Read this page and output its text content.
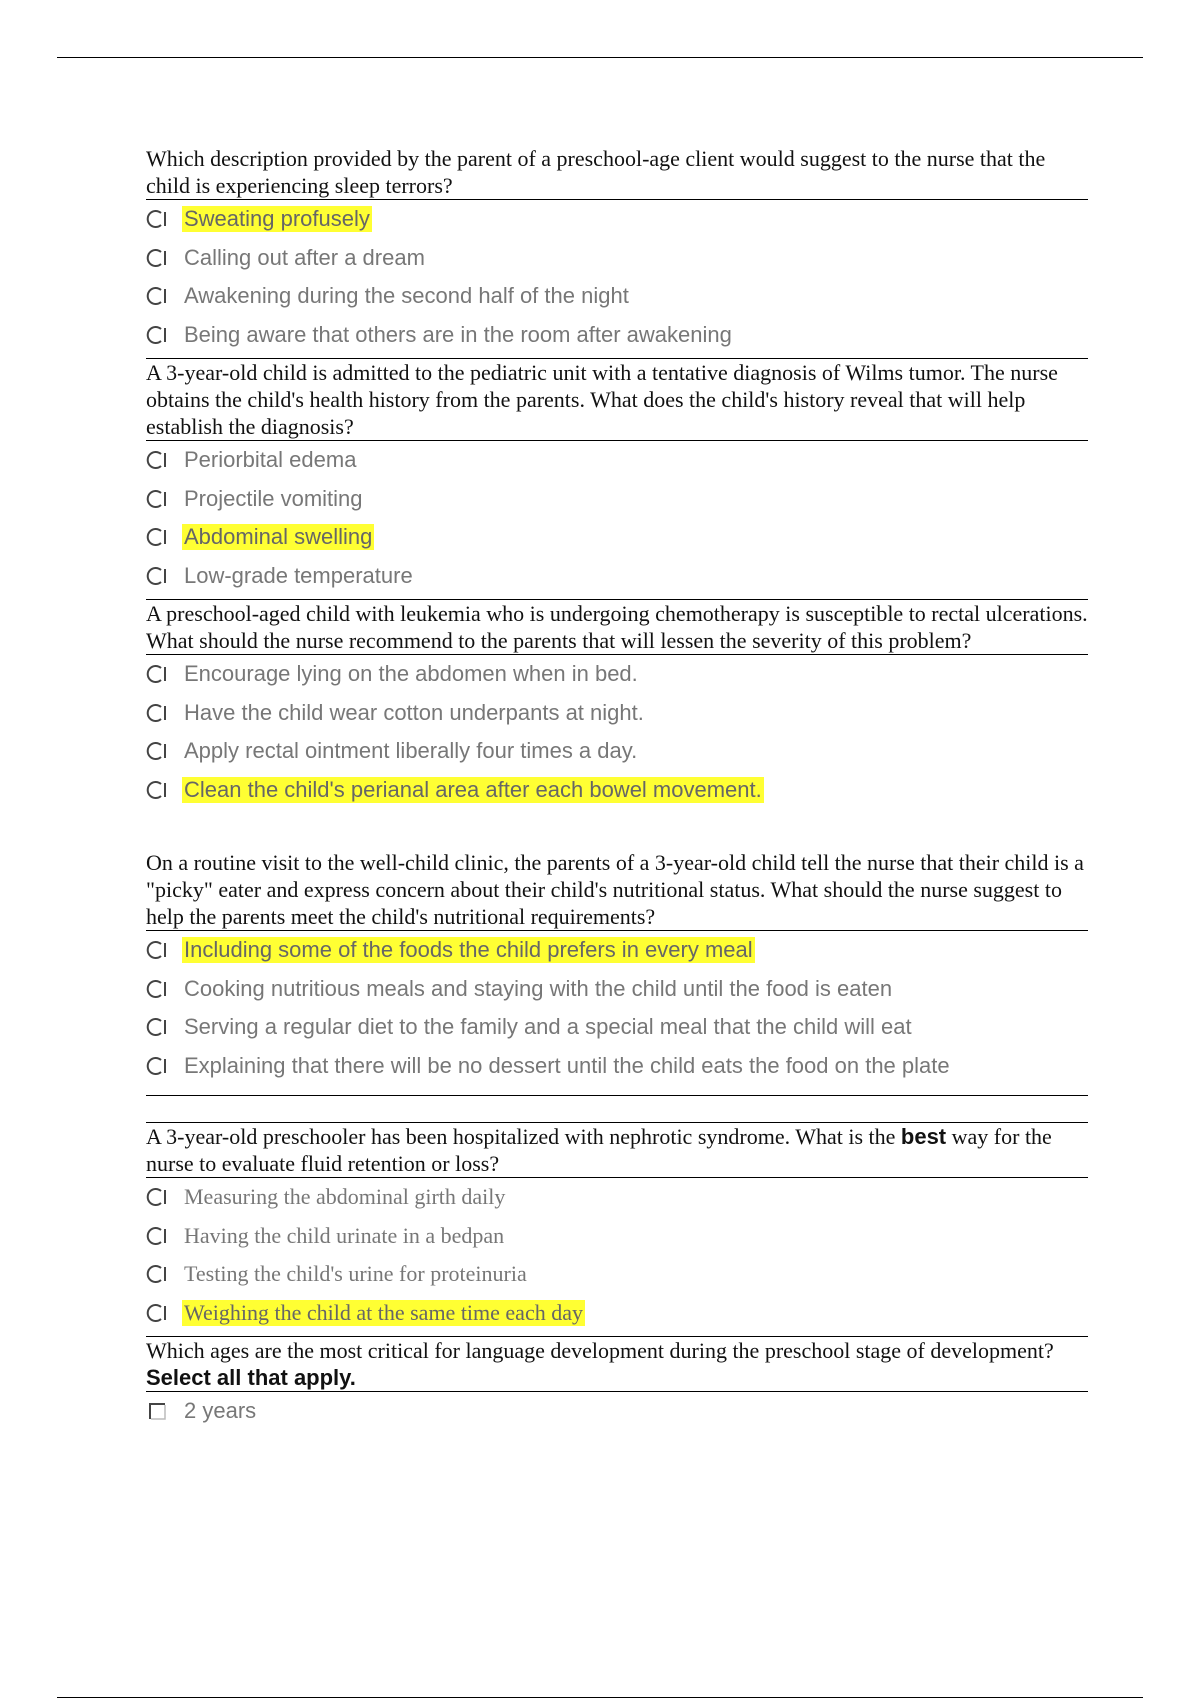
Which description provided by the parent of a preschool-age client would suggest to the nurse that the child is experiencing sleep terrors?
Sweating profusely
Calling out after a dream
Awakening during the second half of the night
Being aware that others are in the room after awakening
A 3-year-old child is admitted to the pediatric unit with a tentative diagnosis of Wilms tumor. The nurse obtains the child's health history from the parents. What does the child's history reveal that will help establish the diagnosis?
Periorbital edema
Projectile vomiting
Abdominal swelling
Low-grade temperature
A preschool-aged child with leukemia who is undergoing chemotherapy is susceptible to rectal ulcerations. What should the nurse recommend to the parents that will lessen the severity of this problem?
Encourage lying on the abdomen when in bed.
Have the child wear cotton underpants at night.
Apply rectal ointment liberally four times a day.
Clean the child's perianal area after each bowel movement.
On a routine visit to the well-child clinic, the parents of a 3-year-old child tell the nurse that their child is a "picky" eater and express concern about their child's nutritional status. What should the nurse suggest to help the parents meet the child's nutritional requirements?
Including some of the foods the child prefers in every meal
Cooking nutritious meals and staying with the child until the food is eaten
Serving a regular diet to the family and a special meal that the child will eat
Explaining that there will be no dessert until the child eats the food on the plate
A 3-year-old preschooler has been hospitalized with nephrotic syndrome. What is the best way for the nurse to evaluate fluid retention or loss?
Measuring the abdominal girth daily
Having the child urinate in a bedpan
Testing the child's urine for proteinuria
Weighing the child at the same time each day
Which ages are the most critical for language development during the preschool stage of development? Select all that apply.
2 years
